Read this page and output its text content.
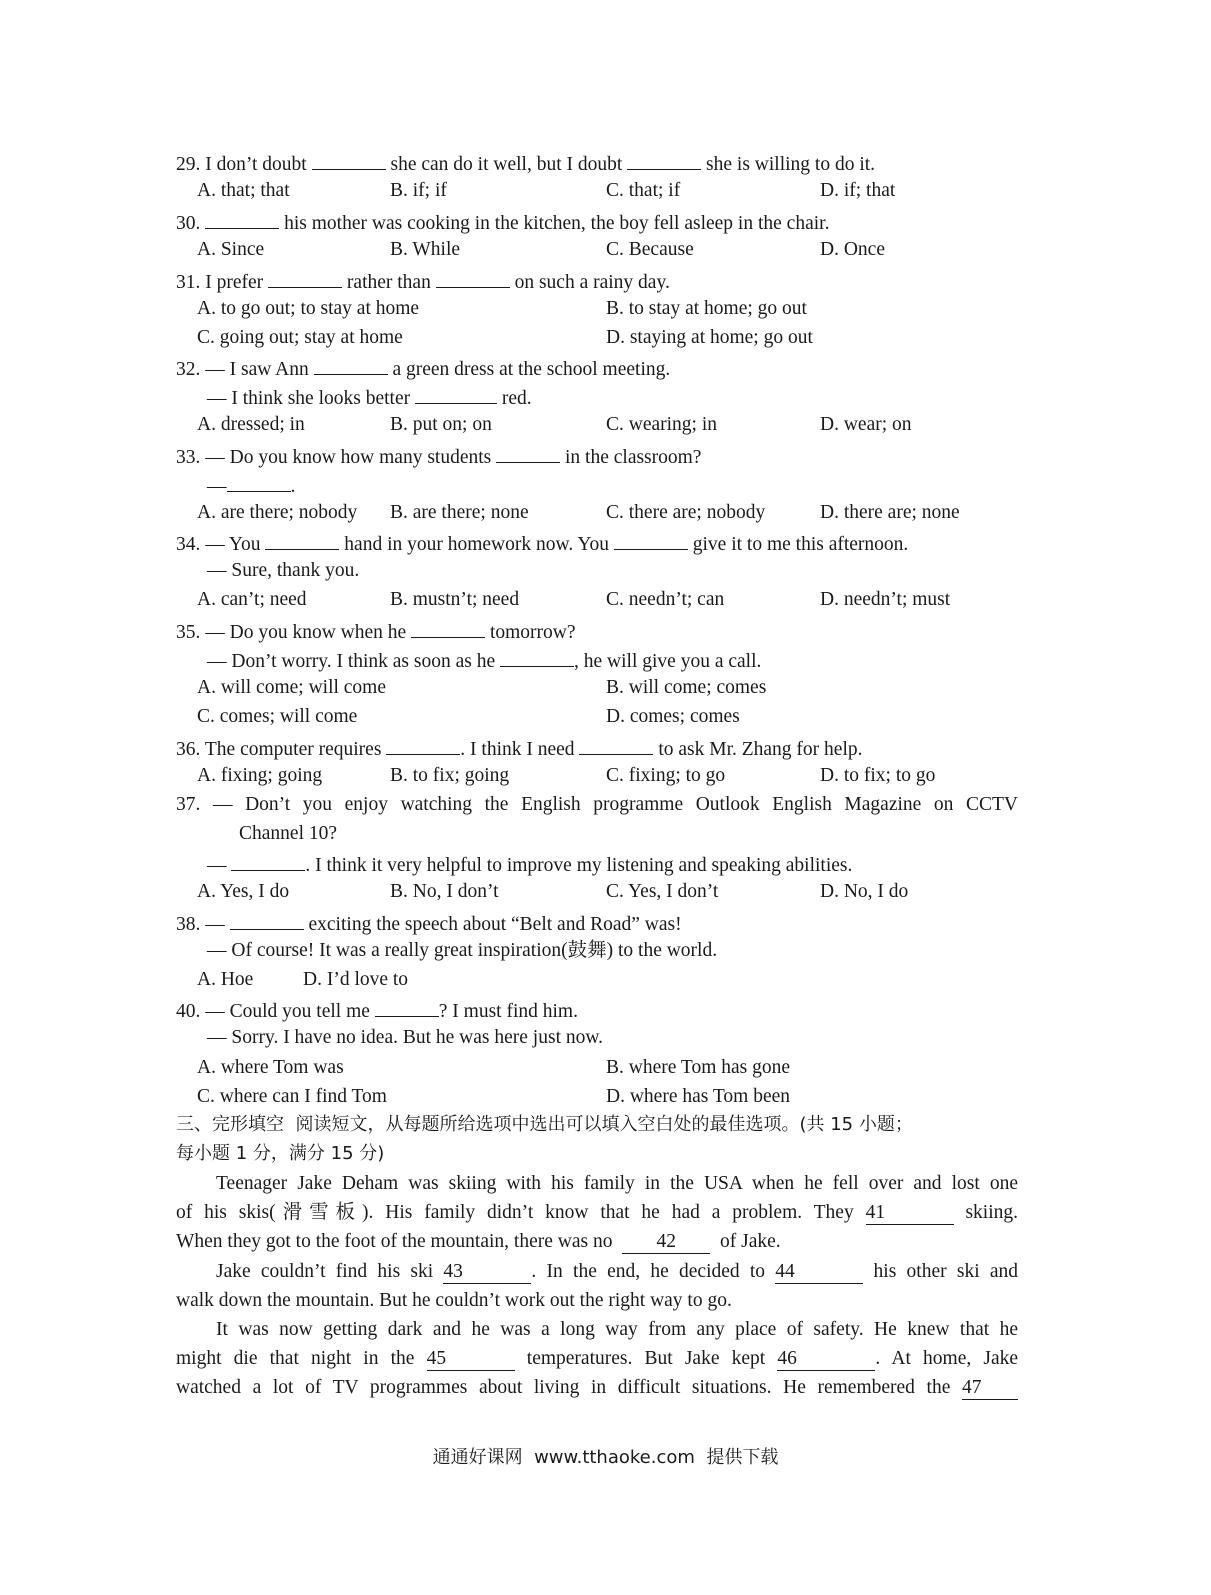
29. I don’t doubt	she can do it well, but I doubt	she is willing to do it.
A. that; that	B. if; if	C. that; if	D. if; that
30.	his mother was cooking in the kitchen, the boy fell asleep in the chair.
A. Since	B. While	C. Because	D. Once
31. I prefer	rather than	on such a rainy day.
A. to go out; to stay at home	B. to stay at home; go out
C. going out; stay at home	D. staying at home; go out
32. — I saw Ann	a green dress at the school meeting.
— I think she looks better	red.
A. dressed; in	B. put on; on	C. wearing; in	D. wear; on
33. — Do you know how many students	in the classroom?
—	.
A. are there; nobody B. are there; none	C. there are; nobody	D. there are; none
34. — You	hand in your homework now. You	give it to me this afternoon.
— Sure, thank you.
A. can’t; need	B. mustn’t; need	C. needn’t; can	D. needn’t; must
35. — Do you know when he	tomorrow?
— Don’t worry. I think as soon as he	, he will give you a call.
A. will come; will come	B. will come; comes
C. comes; will come	D. comes; comes
36. The computer requires	. I think I need	to ask Mr. Zhang for help.
A. fixing; going	B. to fix; going	C. fixing; to go	D. to fix; to go
37. — Don’t you enjoy watching the English programme Outlook English Magazine on CCTV
Channel 10?
—	. I think it very helpful to improve my listening and speaking abilities.
A. Yes, I do	B. No, I don’t	C. Yes, I don’t	D. No, I do
38. —	exciting the speech about “Belt and Road” was!
— Of course! It was a really great inspiration(鼓舞) to the world.
A. Hoe	D. I’d love to
40. — Could you tell me	? I must find him.
— Sorry. I have no idea. But he was here just now.
A. where Tom was	B. where Tom has gone
C. where can I find Tom	D. where has Tom been
三、完形填空 阅读短文，从每题所给选项中选出可以填入空白处的最佳选项。(共 15 小题；
每小题 1 分，满分 15 分)
Teenager Jake Deham was skiing with his family in the USA when he fell over and lost one
of his skis(滑雪板). His family didn’t know that he had a problem. They 41	skiing.
When they got to the foot of the mountain, there was no 42 of Jake.
Jake couldn’t find his ski 43	. In the end, he decided to 44	his other ski and
walk down the mountain. But he couldn’t work out the right way to go.
It was now getting dark and he was a long way from any place of safety. He knew that he
might die that night in the 45	temperatures. But Jake kept 46	. At home, Jake
watched a lot of TV programmes about living in difficult situations. He remembered the 47
通通好课网  www.tthaoke.com  提供下载
